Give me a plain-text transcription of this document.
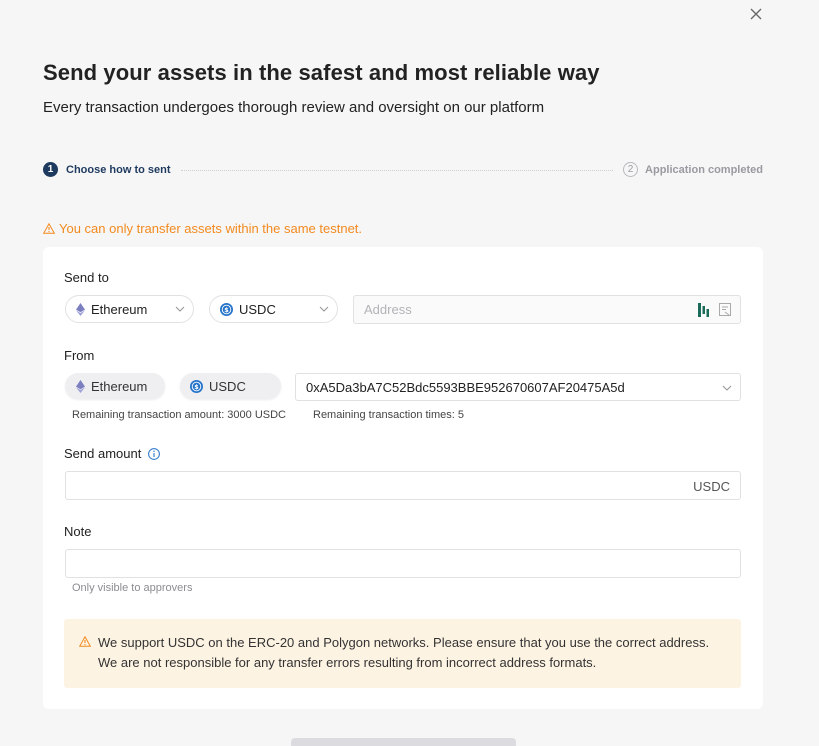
Send your assets in the safest and most reliable way
Every transaction undergoes thorough review and oversight on our platform
1	Choose how to sent	2	Application completed
You can only transfer assets within the same testnet.
Send to
Ethereum	$ USDC	Address
From
Ethereum	$ USDC	0xA5Da3bA7C52Bdc5593BBE952670607AF20475A5d
Remaining transaction amount: 3000 USDC Remaining transaction times: 5
Send amount
USDC
Note
Only visible to approvers
We support USDC on the ERC-20 and Polygon networks. Please ensure that you use the correct address.
We are not responsible for any transfer errors resulting from incorrect address formats.
